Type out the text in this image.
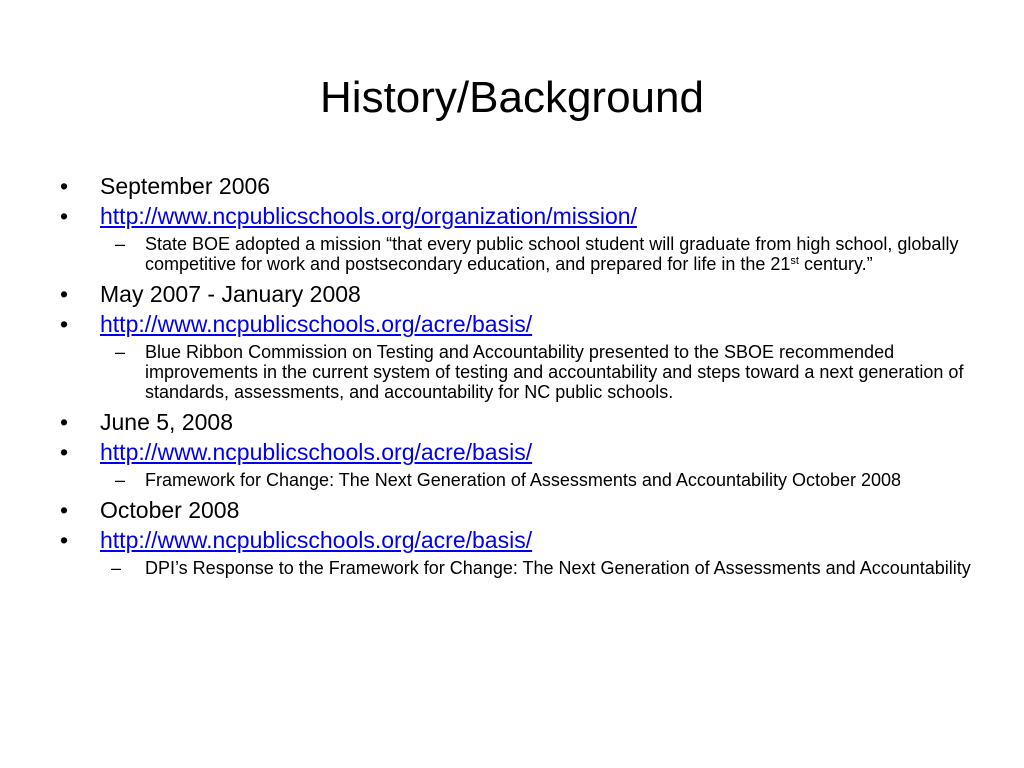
History/Background
• September 2006
• http://www.ncpublicschools.org/organization/mission/
– State BOE adopted a mission “that every public school student will graduate from high school, globally competitive for work and postsecondary education, and prepared for life in the 21st century.”
• May 2007 - January 2008
• http://www.ncpublicschools.org/acre/basis/
– Blue Ribbon Commission on Testing and Accountability presented to the SBOE recommended improvements in the current system of testing and accountability and steps toward a next generation of standards, assessments, and accountability for NC public schools.
• June 5, 2008
• http://www.ncpublicschools.org/acre/basis/
– Framework for Change: The Next Generation of Assessments and Accountability October 2008
• October 2008
• http://www.ncpublicschools.org/acre/basis/
– DPI’s Response to the Framework for Change: The Next Generation of Assessments and Accountability
